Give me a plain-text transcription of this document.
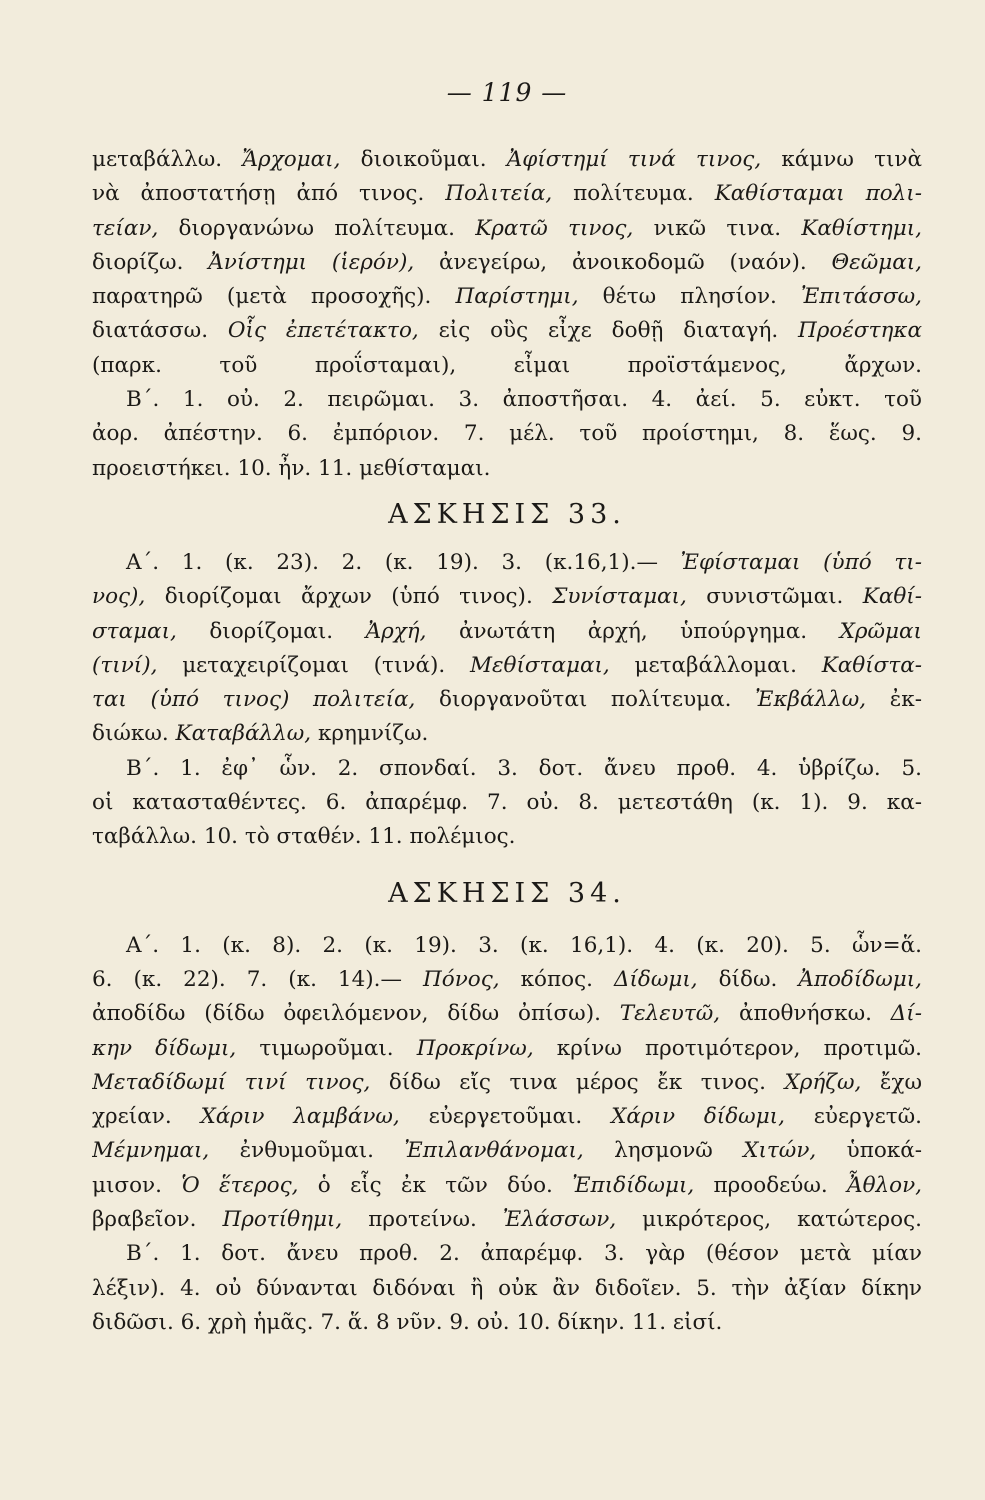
— 119 —
μεταβάλλω. Ἄρχομαι, διοικοῦμαι. Ἀφίστημί τινά τινος, κάμνω τινὰ
νὰ ἀποστατήσῃ ἀπό τινος. Πολιτεία, πολίτευμα. Καθίσταμαι πολι-
τείαν, διοργανώνω πολίτευμα. Κρατῶ τινος, νικῶ τινα. Καθίστημι,
διορίζω. Ἀνίστημι (ἱερόν), ἀνεγείρω, ἀνοικοδομῶ (ναόν). Θεῶμαι,
παρατηρῶ (μετὰ προσοχῆς). Παρίστημι, θέτω πλησίον. Ἐπιτάσσω,
διατάσσω. Οἷς ἐπετέτακτο, εἰς οὓς εἶχε δοθῇ διαταγή. Προέστηκα
(παρκ. τοῦ προΐσταμαι), εἶμαι προϊστάμενος, ἄρχων.
Β΄. 1. οὐ. 2. πειρῶμαι. 3. ἀποστῆσαι. 4. ἀεί. 5. εὐκτ. τοῦ
ἀορ. ἀπέστην. 6. ἐμπόριον. 7. μέλ. τοῦ προίστημι, 8. ἕως. 9.
προειστήκει. 10. ἦν. 11. μεθίσταμαι.
ΑΣΚΗΣΙΣ 33.
Α΄. 1. (κ. 23). 2. (κ. 19). 3. (κ.16,1).— Ἐφίσταμαι (ὑπό τι-
νος), διορίζομαι ἄρχων (ὑπό τινος). Συνίσταμαι, συνιστῶμαι. Καθί-
σταμαι, διορίζομαι. Ἀρχή, ἀνωτάτη ἀρχή, ὑπούργημα. Χρῶμαι
(τινί), μεταχειρίζομαι (τινά). Μεθίσταμαι, μεταβάλλομαι. Καθίστα-
ται (ὑπό τινος) πολιτεία, διοργανοῦται πολίτευμα. Ἐκβάλλω, ἐκ-
διώκω. Καταβάλλω, κρημνίζω.
Β΄. 1. ἐφ᾽ ὧν. 2. σπονδαί. 3. δοτ. ἄνευ προθ. 4. ὑβρίζω. 5.
οἱ κατασταθέντες. 6. ἀπαρέμφ. 7. οὐ. 8. μετεστάθη (κ. 1). 9. κα-
ταβάλλω. 10. τὸ σταθέν. 11. πολέμιος.
ΑΣΚΗΣΙΣ 34.
Α΄. 1. (κ. 8). 2. (κ. 19). 3. (κ. 16,1). 4. (κ. 20). 5. ὧν=ἅ.
6. (κ. 22). 7. (κ. 14).— Πόνος, κόπος. Δίδωμι, δίδω. Ἀποδίδωμι,
ἀποδίδω (δίδω ὀφειλόμενον, δίδω ὀπίσω). Τελευτῶ, ἀποθνήσκω. Δί-
κην δίδωμι, τιμωροῦμαι. Προκρίνω, κρίνω προτιμότερον, προτιμῶ.
Μεταδίδωμί τινί τινος, δίδω εἴς τινα μέρος ἔκ τινος. Χρήζω, ἔχω
χρείαν. Χάριν λαμβάνω, εὐεργετοῦμαι. Χάριν δίδωμι, εὐεργετῶ.
Μέμνημαι, ἐνθυμοῦμαι. Ἐπιλανθάνομαι, λησμονῶ Χιτών, ὑποκά-
μισον. Ὁ ἕτερος, ὁ εἷς ἐκ τῶν δύο. Ἐπιδίδωμι, προοδεύω. Ἆθλον,
βραβεῖον. Προτίθημι, προτείνω. Ἐλάσσων, μικρότερος, κατώτερος.
Β΄. 1. δοτ. ἄνευ προθ. 2. ἀπαρέμφ. 3. γὰρ (θέσον μετὰ μίαν
λέξιν). 4. οὐ δύνανται διδόναι ἢ οὐκ ἂν διδοῖεν. 5. τὴν ἀξίαν δίκην
διδῶσι. 6. χρὴ ἡμᾶς. 7. ἅ. 8 νῦν. 9. οὐ. 10. δίκην. 11. εἰσί.
